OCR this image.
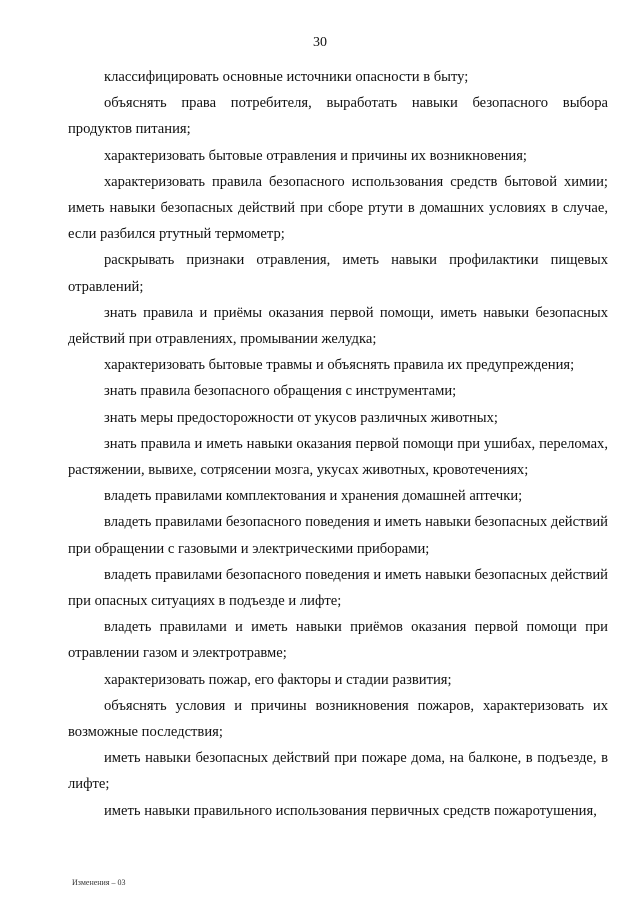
30

классифицировать основные источники опасности в быту;

объяснять права потребителя, выработать навыки безопасного выбора продуктов питания;

характеризовать бытовые отравления и причины их возникновения;

характеризовать правила безопасного использования средств бытовой химии; иметь навыки безопасных действий при сборе ртути в домашних условиях в случае, если разбился ртутный термометр;

раскрывать признаки отравления, иметь навыки профилактики пищевых отравлений;

знать правила и приёмы оказания первой помощи, иметь навыки безопасных действий при отравлениях, промывании желудка;

характеризовать бытовые травмы и объяснять правила их предупреждения;

знать правила безопасного обращения с инструментами;

знать меры предосторожности от укусов различных животных;

знать правила и иметь навыки оказания первой помощи при ушибах, переломах, растяжении, вывихе, сотрясении мозга, укусах животных, кровотечениях;

владеть правилами комплектования и хранения домашней аптечки;

владеть правилами безопасного поведения и иметь навыки безопасных действий при обращении с газовыми и электрическими приборами;

владеть правилами безопасного поведения и иметь навыки безопасных действий при опасных ситуациях в подъезде и лифте;

владеть правилами и иметь навыки приёмов оказания первой помощи при отравлении газом и электротравме;

характеризовать пожар, его факторы и стадии развития;

объяснять условия и причины возникновения пожаров, характеризовать их возможные последствия;

иметь навыки безопасных действий при пожаре дома, на балконе, в подъезде, в лифте;

иметь навыки правильного использования первичных средств пожаротушения,

Изменения – 03
